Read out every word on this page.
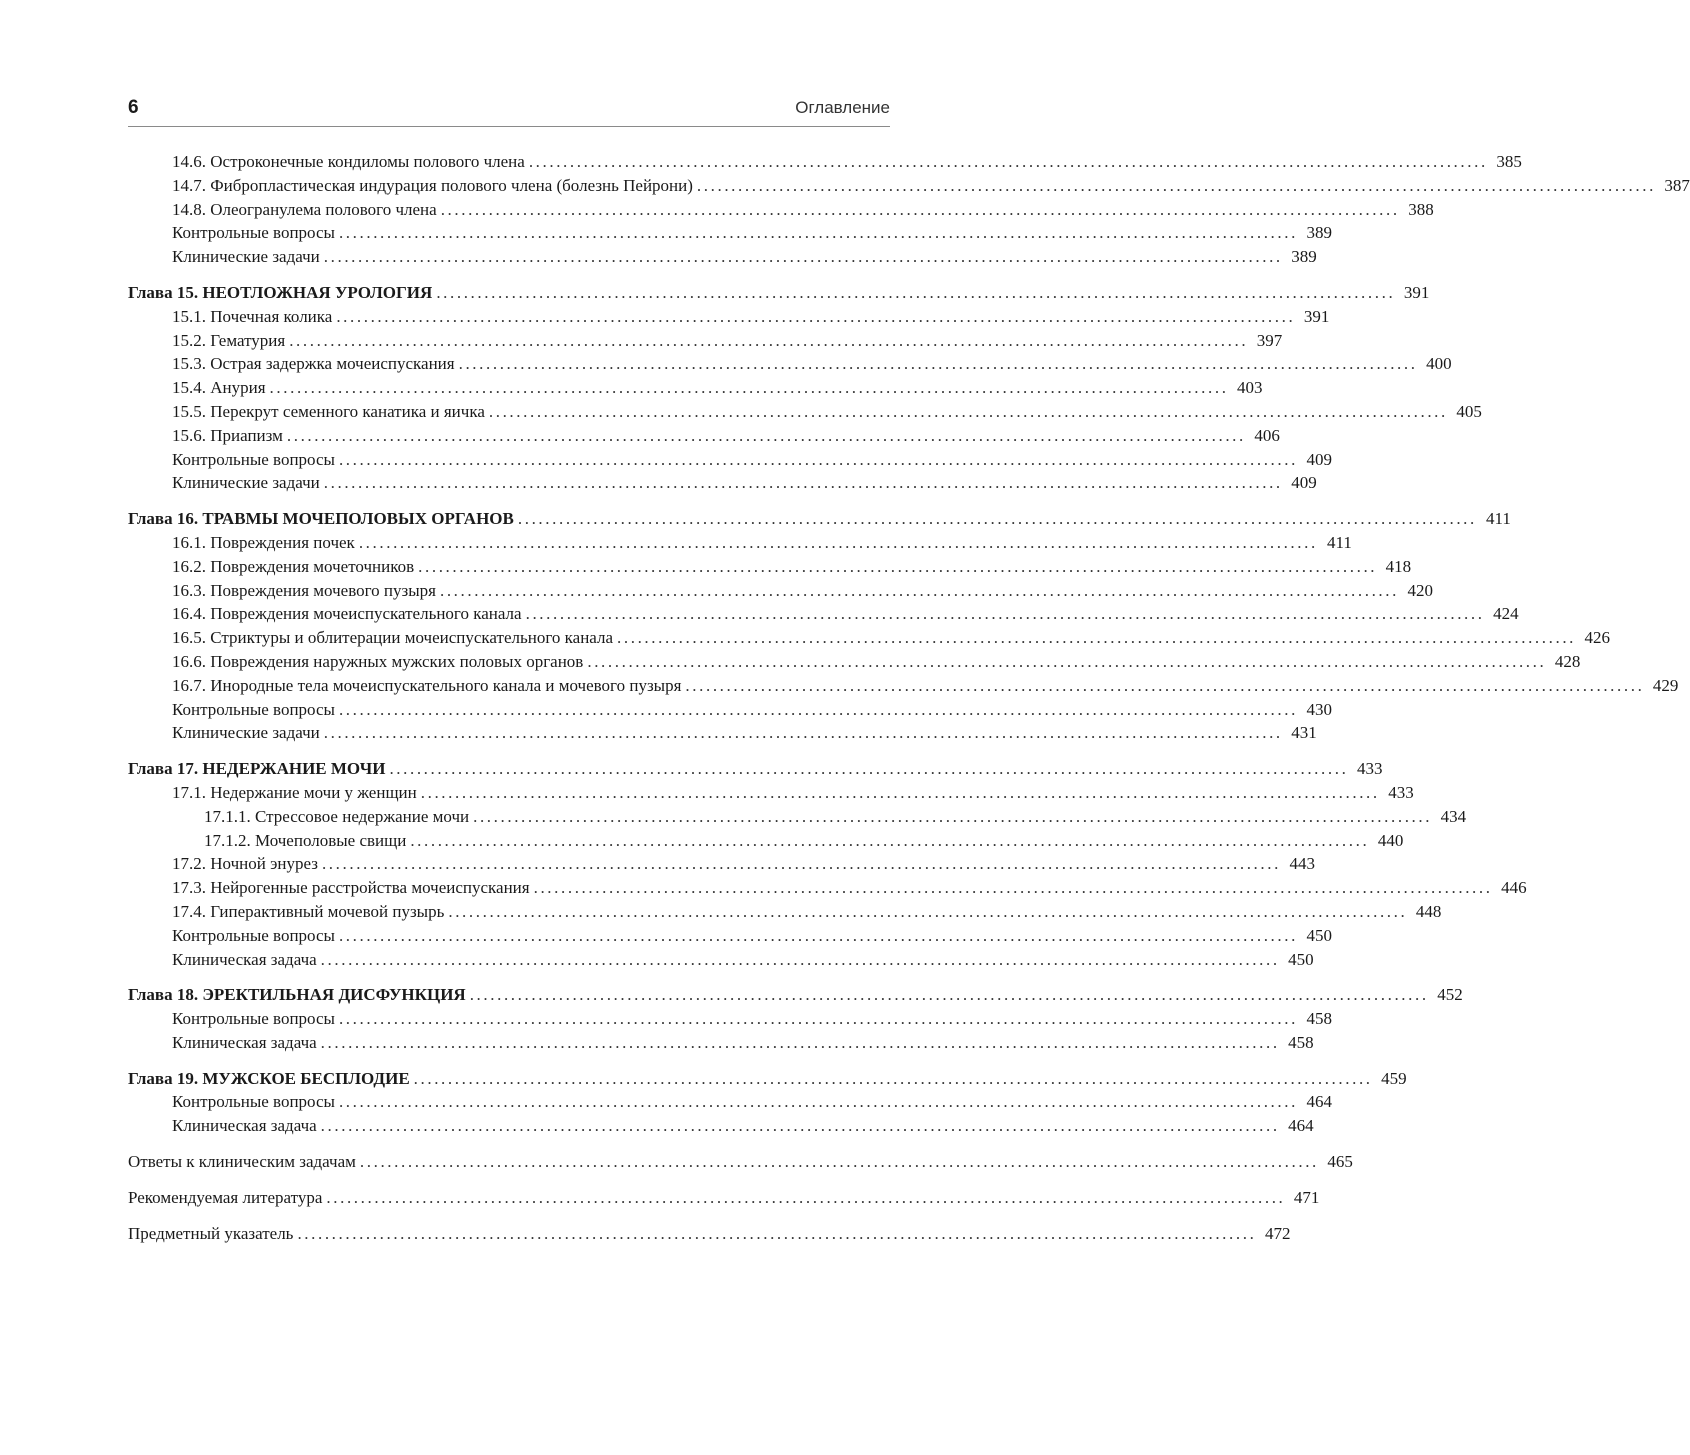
6	Оглавление
14.6. Остроконечные кондиломы полового члена ............................................................................................................................................ 385
14.7. Фибропластическая индурация полового члена (болезнь Пейрони) ............................................................................................................................................ 387
14.8. Олеогранулема полового члена ............................................................................................................................................ 388
Контрольные вопросы ............................................................................................................................................ 389
Клинические задачи ............................................................................................................................................ 389
Глава 15. НЕОТЛОЖНАЯ УРОЛОГИЯ ............................................................................................................................................ 391
15.1. Почечная колика ............................................................................................................................................ 391
15.2. Гематурия ............................................................................................................................................ 397
15.3. Острая задержка мочеиспускания ............................................................................................................................................ 400
15.4. Анурия ............................................................................................................................................ 403
15.5. Перекрут семенного канатика и яичка ............................................................................................................................................ 405
15.6. Приапизм ............................................................................................................................................ 406
Контрольные вопросы ............................................................................................................................................ 409
Клинические задачи ............................................................................................................................................ 409
Глава 16. ТРАВМЫ МОЧЕПОЛОВЫХ ОРГАНОВ ............................................................................................................................................ 411
16.1. Повреждения почек ............................................................................................................................................ 411
16.2. Повреждения мочеточников ............................................................................................................................................ 418
16.3. Повреждения мочевого пузыря ............................................................................................................................................ 420
16.4. Повреждения мочеиспускательного канала ............................................................................................................................................ 424
16.5. Стриктуры и облитерации мочеиспускательного канала ............................................................................................................................................ 426
16.6. Повреждения наружных мужских половых органов ............................................................................................................................................ 428
16.7. Инородные тела мочеиспускательного канала и мочевого пузыря ............................................................................................................................................ 429
Контрольные вопросы ............................................................................................................................................ 430
Клинические задачи ............................................................................................................................................ 431
Глава 17. НЕДЕРЖАНИЕ МОЧИ ............................................................................................................................................ 433
17.1. Недержание мочи у женщин ............................................................................................................................................ 433
17.1.1. Стрессовое недержание мочи ............................................................................................................................................ 434
17.1.2. Мочеполовые свищи ............................................................................................................................................ 440
17.2. Ночной энурез ............................................................................................................................................ 443
17.3. Нейрогенные расстройства мочеиспускания ............................................................................................................................................ 446
17.4. Гиперактивный мочевой пузырь ............................................................................................................................................ 448
Контрольные вопросы ............................................................................................................................................ 450
Клиническая задача ............................................................................................................................................ 450
Глава 18. ЭРЕКТИЛЬНАЯ ДИСФУНКЦИЯ ............................................................................................................................................ 452
Контрольные вопросы ............................................................................................................................................ 458
Клиническая задача ............................................................................................................................................ 458
Глава 19. МУЖСКОЕ БЕСПЛОДИЕ ............................................................................................................................................ 459
Контрольные вопросы ............................................................................................................................................ 464
Клиническая задача ............................................................................................................................................ 464
Ответы к клиническим задачам ............................................................................................................................................ 465
Рекомендуемая литература ............................................................................................................................................ 471
Предметный указатель ............................................................................................................................................ 472
